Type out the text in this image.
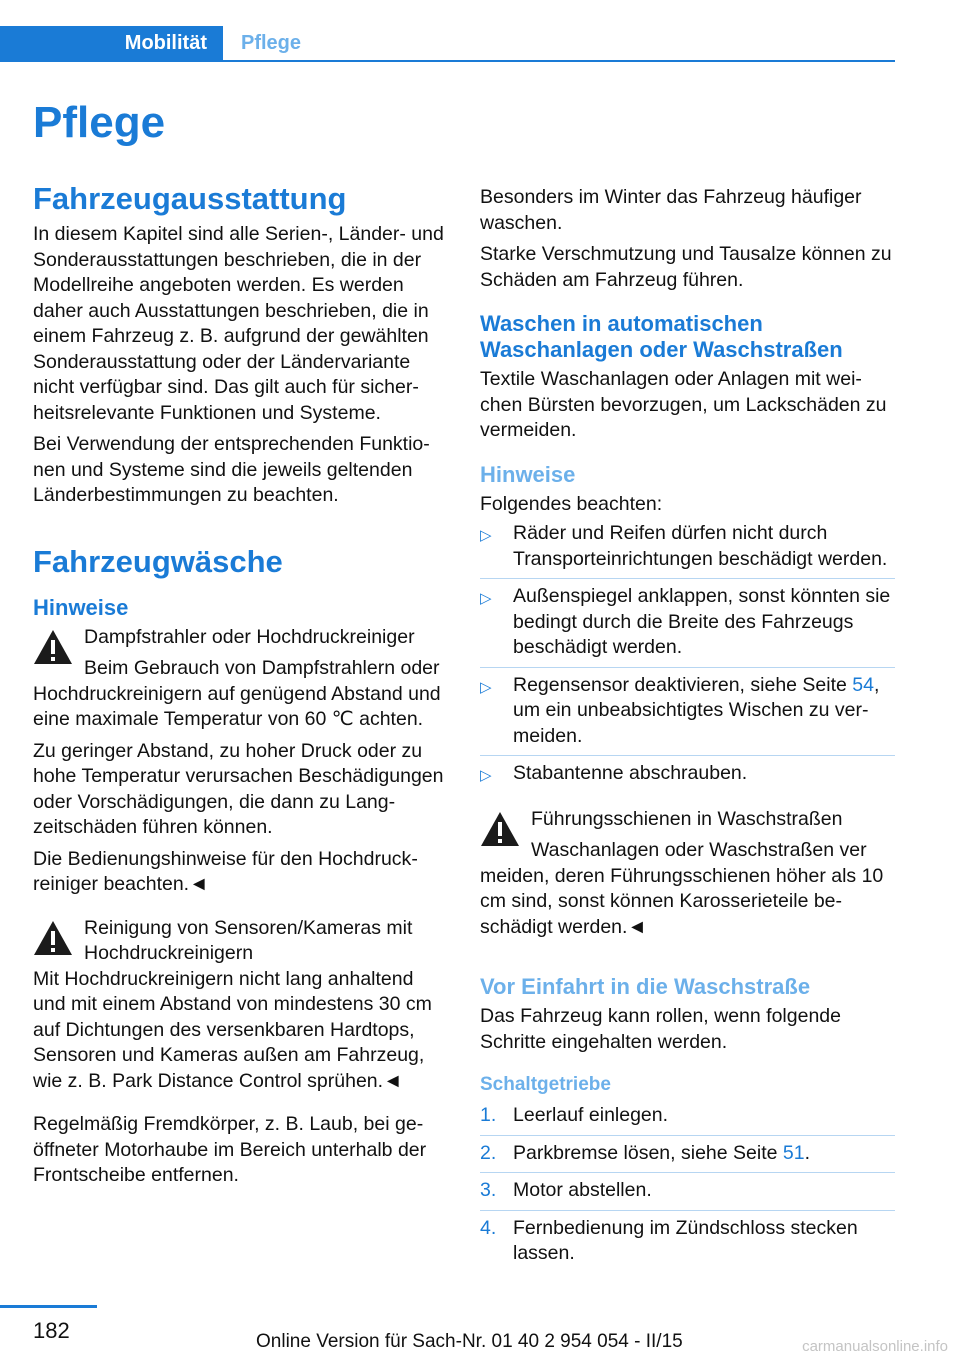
Mobilität Pflege
Pflege
Fahrzeugausstattung

In diesem Kapitel sind alle Serien-, Länder- und Sonderausstattungen beschrieben, die in der Modellreihe angeboten werden. Es werden daher auch Ausstattungen beschrieben, die in einem Fahrzeug z. B. aufgrund der gewählten Sonderausstattung oder der Ländervariante nicht verfügbar sind. Das gilt auch für sicherheitsrelevante Funktionen und Systeme.

Bei Verwendung der entsprechenden Funktionen und Systeme sind die jeweils geltenden Länderbestimmungen zu beachten.

Fahrzeugwäsche
Hinweise

Dampfstrahler oder Hochdruckreiniger

Beim Gebrauch von Dampfstrahlern oder

Hochdruckreinigern auf genügend Abstand und eine maximale Temperatur von 60 ℃ achten.

Zu geringer Abstand, zu hoher Druck oder zu hohe Temperatur verursachen Beschädigungen oder Vorschädigungen, die dann zu Langzeitschäden führen können.

Die Bedienungshinweise für den Hochdruckreiniger beachten.◄

Reinigung von Sensoren/Kameras mit Hochdruckreinigern

Mit Hochdruckreinigern nicht lang anhaltend und mit einem Abstand von mindestens 30 cm auf Dichtungen des versenkbaren Hardtops, Sensoren und Kameras außen am Fahrzeug, wie z. B. Park Distance Control sprühen.◄

Regelmäßig Fremdkörper, z. B. Laub, bei geöffneter Motorhaube im Bereich unterhalb der Frontscheibe entfernen.

Besonders im Winter das Fahrzeug häufiger waschen.

Starke Verschmutzung und Tausalze können zu Schäden am Fahrzeug führen.

Waschen in automatischen Waschanlagen oder Waschstraßen

Textile Waschanlagen oder Anlagen mit weichen Bürsten bevorzugen, um Lackschäden zu vermeiden.

Hinweise

Folgendes beachten:

▷ Räder und Reifen dürfen nicht durch Transporteinrichtungen beschädigt werden.
▷ Außenspiegel anklappen, sonst könnten sie bedingt durch die Breite des Fahrzeugs beschädigt werden.
▷ Regensensor deaktivieren, siehe Seite 54, um ein unbeabsichtigtes Wischen zu vermeiden.
▷ Stabantenne abschrauben.

Führungsschienen in Waschstraßen

Waschanlagen oder Waschstraßen ver

meiden, deren Führungsschienen höher als 10 cm sind, sonst können Karosserieteile beschädigt werden.◄

Vor Einfahrt in die Waschstraße

Das Fahrzeug kann rollen, wenn folgende Schritte eingehalten werden.

Schaltgetriebe
1. Leerlauf einlegen.
2. Parkbremse lösen, siehe Seite 51.
3. Motor abstellen.
4. Fernbedienung im Zündschloss stecken lassen.
182	Online Version für Sach-Nr. 01 40 2 954 054 - II/15	carmanualsonline.info
